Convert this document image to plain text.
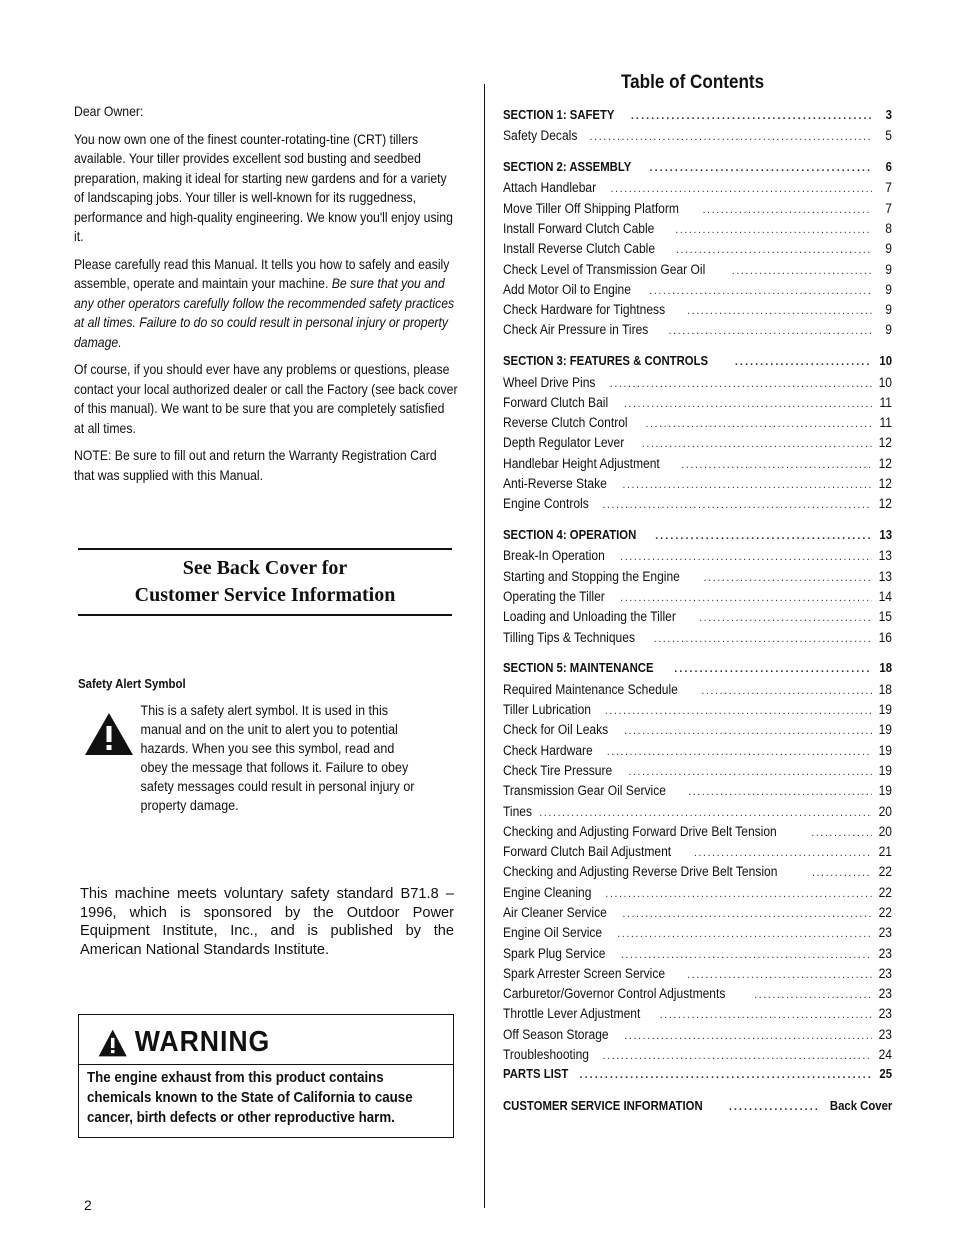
Dear Owner:

You now own one of the finest counter-rotating-tine (CRT) tillers available. Your tiller provides excellent sod busting and seedbed preparation, making it ideal for starting new gardens and for a variety of landscaping jobs. Your tiller is well-known for its ruggedness, performance and high-quality engineering. We know you'll enjoy using it.

Please carefully read this Manual. It tells you how to safely and easily assemble, operate and maintain your machine. Be sure that you and any other operators carefully follow the recommended safety practices at all times. Failure to do so could result in personal injury or property damage.

Of course, if you should ever have any problems or questions, please contact your local authorized dealer or call the Factory (see back cover of this manual). We want to be sure that you are completely satisfied at all times.

NOTE: Be sure to fill out and return the Warranty Registration Card that was supplied with this Manual.

See Back Cover for
Customer Service Information
Safety Alert Symbol
This is a safety alert symbol. It is used in this manual and on the unit to alert you to potential hazards. When you see this symbol, read and obey the message that follows it. Failure to obey safety messages could result in personal injury or property damage.
This machine meets voluntary safety standard B71.8 – 1996, which is sponsored by the Outdoor Power Equipment Institute, Inc., and is published by the American National Standards Institute.
WARNING
The engine exhaust from this product contains chemicals known to the State of California to cause cancer, birth defects or other reproductive harm.
2
Table of Contents
SECTION 1: SAFETY .....	3
Safety Decals .....	5
SECTION 2: ASSEMBLY .....	6
Attach Handlebar .....	7
Move Tiller Off Shipping Platform .....	7
Install Forward Clutch Cable .....	8
Install Reverse Clutch Cable .....	9
Check Level of Transmission Gear Oil .....	9
Add Motor Oil to Engine .....	9
Check Hardware for Tightness .....	9
Check Air Pressure in Tires .....	9
SECTION 3: FEATURES & CONTROLS .....	10
Wheel Drive Pins .....	10
Forward Clutch Bail .....	11
Reverse Clutch Control .....	11
Depth Regulator Lever .....	12
Handlebar Height Adjustment .....	12
Anti-Reverse Stake .....	12
Engine Controls .....	12
SECTION 4: OPERATION .....	13
Break-In Operation .....	13
Starting and Stopping the Engine .....	13
Operating the Tiller .....	14
Loading and Unloading the Tiller .....	15
Tilling Tips & Techniques .....	16
SECTION 5: MAINTENANCE .....	18
Required Maintenance Schedule .....	18
Tiller Lubrication .....	19
Check for Oil Leaks .....	19
Check Hardware .....	19
Check Tire Pressure .....	19
Transmission Gear Oil Service .....	19
Tines .....	20
Checking and Adjusting Forward Drive Belt Tension .....	20
Forward Clutch Bail Adjustment .....	21
Checking and Adjusting Reverse Drive Belt Tension .....	22
Engine Cleaning .....	22
Air Cleaner Service .....	22
Engine Oil Service .....	23
Spark Plug Service .....	23
Spark Arrester Screen Service .....	23
Carburetor/Governor Control Adjustments .....	23
Throttle Lever Adjustment .....	23
Off Season Storage .....	23
Troubleshooting .....	24
PARTS LIST .....	25
CUSTOMER SERVICE INFORMATION .....	Back Cover
